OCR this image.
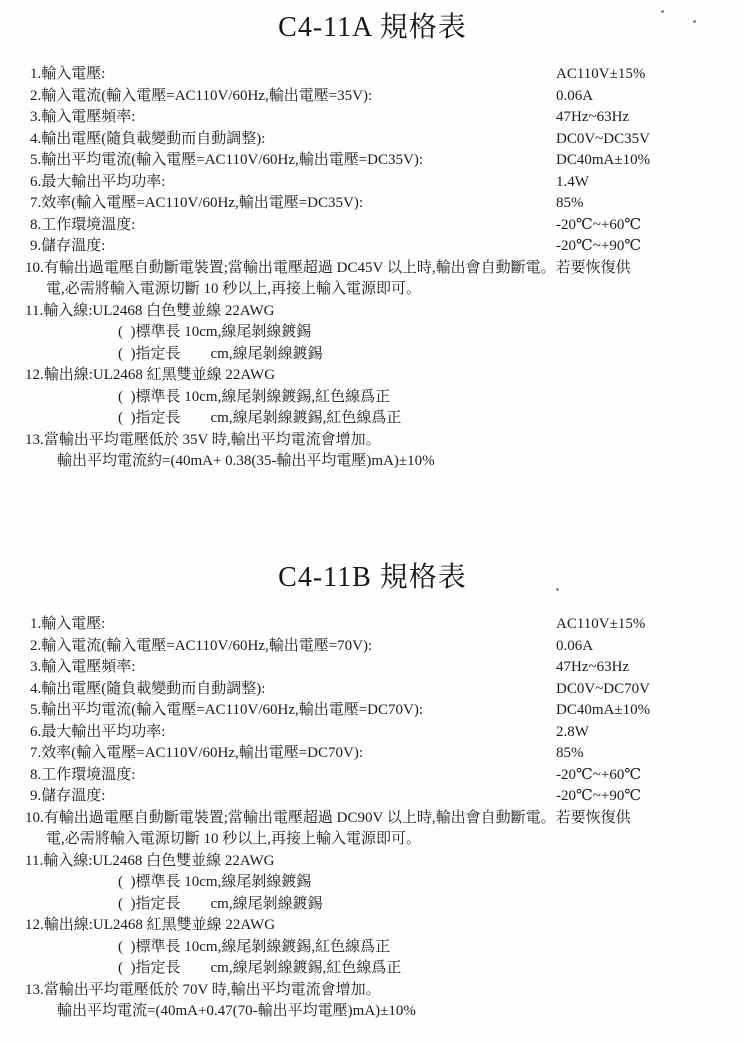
C4-11A 規格表
1.輸入電壓:	AC110V±15%
2.輸入電流(輸入電壓=AC110V/60Hz,輸出電壓=35V):	0.06A
3.輸入電壓頻率:	47Hz~63Hz
4.輸出電壓(隨負載變動而自動調整):	DC0V~DC35V
5.輸出平均電流(輸入電壓=AC110V/60Hz,輸出電壓=DC35V):	DC40mA±10%
6.最大輸出平均功率:	1.4W
7.效率(輸入電壓=AC110V/60Hz,輸出電壓=DC35V):	85%
8.工作環境溫度:	-20℃~+60℃
9.儲存溫度:	-20℃~+90℃
10.有輸出過電壓自動斷電裝置;當輸出電壓超過 DC45V 以上時,輸出會自動斷電。若要恢復供
電,必需將輸入電源切斷 10 秒以上,再接上輸入電源即可。
11.輸入線:UL2468 白色雙並線 22AWG
(  )標準長 10cm,線尾剝線鍍錫
(  )指定長        cm,線尾剝線鍍錫
12.輸出線:UL2468 紅黑雙並線 22AWG
(  )標準長 10cm,線尾剝線鍍錫,紅色線爲正
(  )指定長        cm,線尾剝線鍍錫,紅色線爲正
13.當輸出平均電壓低於 35V 時,輸出平均電流會增加。
輸出平均電流約=(40mA+ 0.38(35-輸出平均電壓)mA)±10%
C4-11B 規格表
1.輸入電壓:	AC110V±15%
2.輸入電流(輸入電壓=AC110V/60Hz,輸出電壓=70V):	0.06A
3.輸入電壓頻率:	47Hz~63Hz
4.輸出電壓(隨負載變動而自動調整):	DC0V~DC70V
5.輸出平均電流(輸入電壓=AC110V/60Hz,輸出電壓=DC70V):	DC40mA±10%
6.最大輸出平均功率:	2.8W
7.效率(輸入電壓=AC110V/60Hz,輸出電壓=DC70V):	85%
8.工作環境溫度:	-20℃~+60℃
9.儲存溫度:	-20℃~+90℃
10.有輸出過電壓自動斷電裝置;當輸出電壓超過 DC90V 以上時,輸出會自動斷電。若要恢復供
電,必需將輸入電源切斷 10 秒以上,再接上輸入電源即可。
11.輸入線:UL2468 白色雙並線 22AWG
(  )標準長 10cm,線尾剝線鍍錫
(  )指定長        cm,線尾剝線鍍錫
12.輸出線:UL2468 紅黑雙並線 22AWG
(  )標準長 10cm,線尾剝線鍍錫,紅色線爲正
(  )指定長        cm,線尾剝線鍍錫,紅色線爲正
13.當輸出平均電壓低於 70V 時,輸出平均電流會增加。
輸出平均電流=(40mA+0.47(70-輸出平均電壓)mA)±10%
